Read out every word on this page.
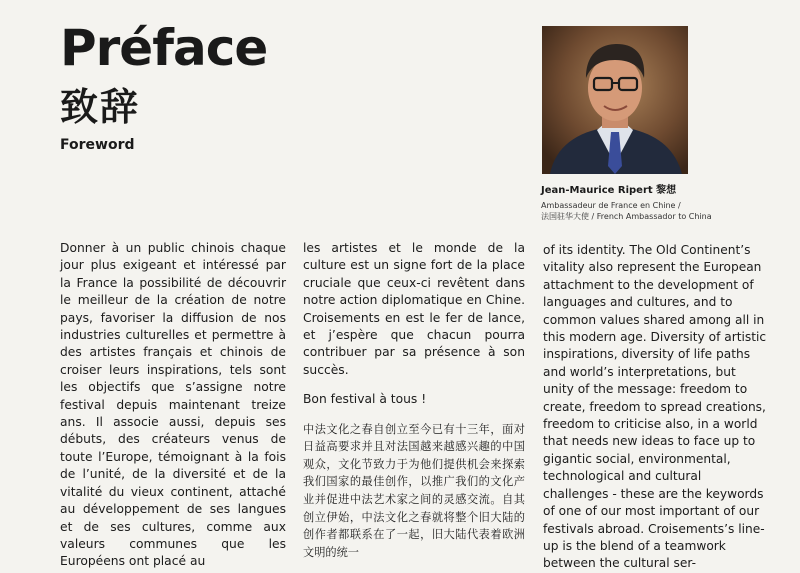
Préface
致辞
Foreword
Jean-Maurice Ripert 黎想
Ambassadeur de France en Chine /
法国驻华大使 / French Ambassador to China

Donner à un public chinois chaque jour plus exigeant et intéressé par la France la possibilité de découvrir le meilleur de la création de notre pays, favoriser la diffusion de nos industries culturelles et permettre à des artistes français et chinois de croiser leurs inspirations, tels sont les objectifs que s’assigne notre festival depuis maintenant treize ans. Il associe aussi, depuis ses débuts, des créateurs venus de toute l’Europe, témoignant à la fois de l’unité, de la diversité et de la vitalité du vieux continent, attaché au développement de ses langues et de ses cultures, comme aux valeurs communes que les Européens ont placé au

les artistes et le monde de la culture est un signe fort de la place cruciale que ceux-ci revêtent dans notre action diplomatique en Chine. Croisements en est le fer de lance, et j’espère que chacun pourra contribuer par sa présence à son succès.

Bon festival à tous !

中法文化之春自创立至今已有十三年，面对日益高要求并且对法国越来越感兴趣的中国观众，文化节致力于为他们提供机会来探索我们国家的最佳创作，以推广我们的文化产业并促进中法艺术家之间的灵感交流。自其创立伊始，中法文化之春就将整个旧大陆的创作者都联系在了一起，旧大陆代表着欧洲文明的统一

of its identity. The Old Continent’s vitality also represent the European attachment to the development of languages and cultures, and to common values shared among all in this modern age. Diversity of artistic inspirations, diversity of life paths and world’s interpretations, but unity of the message: freedom to create, freedom to spread creations, freedom to criticise also, in a world that needs new ideas to face up to gigantic social, environmental, technological and cultural challenges - these are the keywords of one of our most important of our festivals abroad. Croisements’s line-up is the blend of a teamwork between the cultural ser-
